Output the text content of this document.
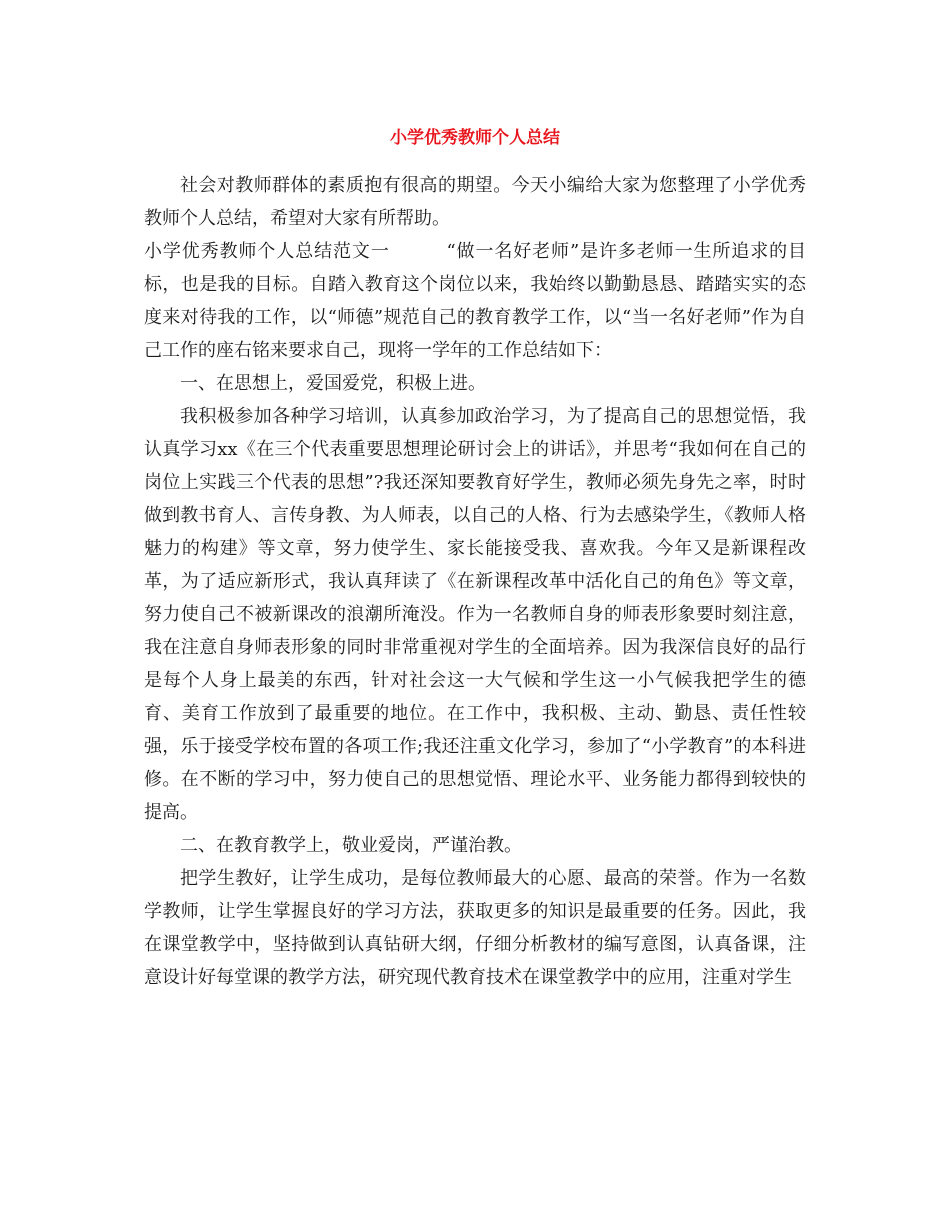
小学优秀教师个人总结

社会对教师群体的素质抱有很高的期望。今天小编给大家为您整理了小学优秀教师个人总结，希望对大家有所帮助。

小学优秀教师个人总结范文一　　　“做一名好老师”是许多老师一生所追求的目标，也是我的目标。自踏入教育这个岗位以来，我始终以勤勤恳恳、踏踏实实的态度来对待我的工作，以“师德”规范自己的教育教学工作，以“当一名好老师”作为自己工作的座右铭来要求自己，现将一学年的工作总结如下：

一、在思想上，爱国爱党，积极上进。

我积极参加各种学习培训，认真参加政治学习，为了提高自己的思想觉悟，我认真学习xx《在三个代表重要思想理论研讨会上的讲话》，并思考“我如何在自己的岗位上实践三个代表的思想”?我还深知要教育好学生，教师必须先身先之率，时时做到教书育人、言传身教、为人师表，以自己的人格、行为去感染学生，《教师人格魅力的构建》等文章，努力使学生、家长能接受我、喜欢我。今年又是新课程改革，为了适应新形式，我认真拜读了《在新课程改革中活化自己的角色》等文章，努力使自己不被新课改的浪潮所淹没。作为一名教师自身的师表形象要时刻注意，我在注意自身师表形象的同时非常重视对学生的全面培养。因为我深信良好的品行是每个人身上最美的东西，针对社会这一大气候和学生这一小气候我把学生的德育、美育工作放到了最重要的地位。在工作中，我积极、主动、勤恳、责任性较强，乐于接受学校布置的各项工作;我还注重文化学习，参加了“小学教育”的本科进修。在不断的学习中，努力使自己的思想觉悟、理论水平、业务能力都得到较快的提高。

二、在教育教学上，敬业爱岗，严谨治教。

把学生教好，让学生成功，是每位教师最大的心愿、最高的荣誉。作为一名数学教师，让学生掌握良好的学习方法，获取更多的知识是最重要的任务。因此，我在课堂教学中，坚持做到认真钻研大纲，仔细分析教材的编写意图，认真备课，注意设计好每堂课的教学方法，研究现代教育技术在课堂教学中的应用，注重对学生
